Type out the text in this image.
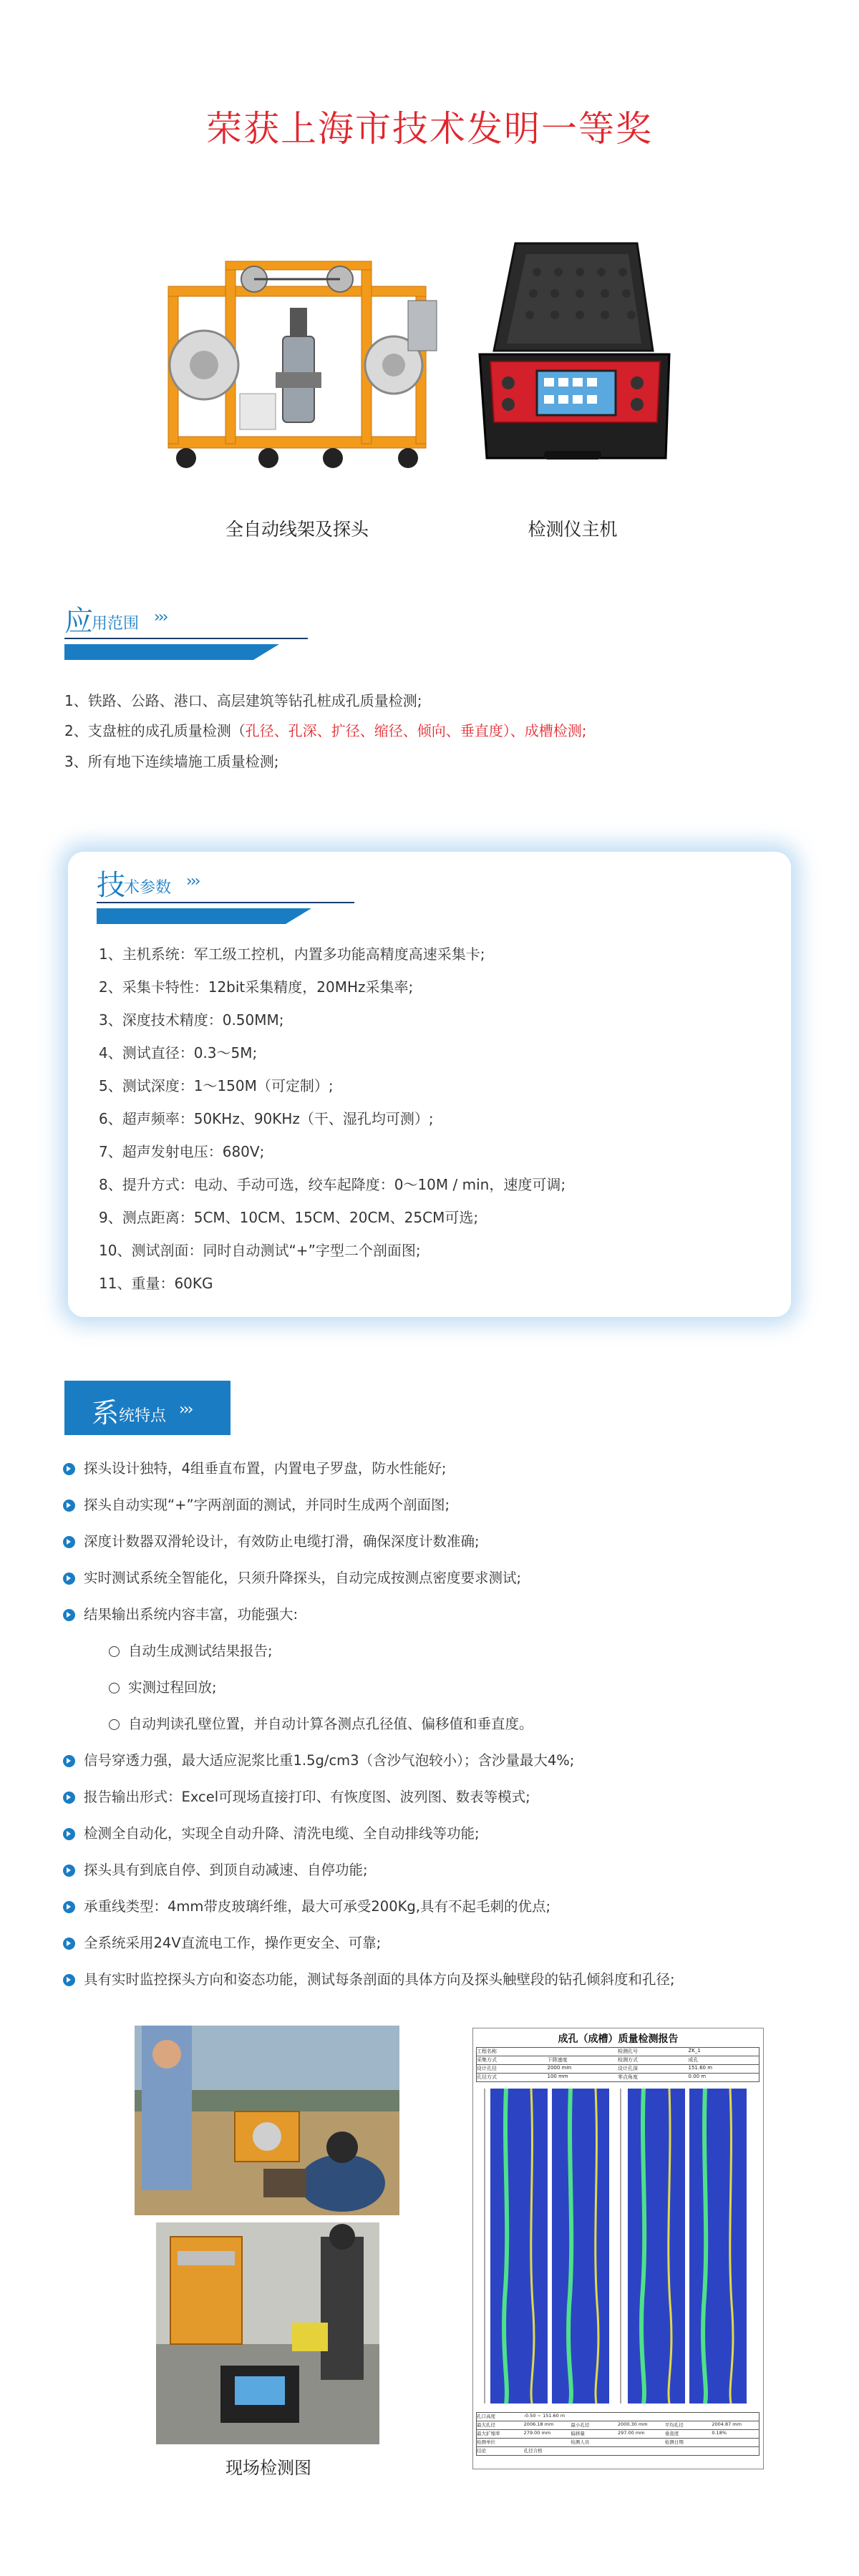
荣获上海市技术发明一等奖
全自动线架及探头	检测仪主机
应
用范围 ›››
1、铁路、公路、港口、高层建筑等钻孔桩成孔质量检测;
2、支盘桩的成孔质量检测（孔径、孔深、扩径、缩径、倾向、垂直度）、成槽检测;
3、所有地下连续墙施工质量检测;
技
术参数 ›››
1、主机系统：军工级工控机，内置多功能高精度高速采集卡;
2、采集卡特性：12bit采集精度，20MHz采集率;
3、深度技术精度：0.50MM;
4、测试直径：0.3～5M;
5、测试深度：1～150M（可定制）;
6、超声频率：50KHz、90KHz（干、湿孔均可测）;
7、超声发射电压：680V;
8、提升方式：电动、手动可选，绞车起降度：0～10M / min，速度可调;
9、测点距离：5CM、10CM、15CM、20CM、25CM可选;
10、测试剖面：同时自动测试“+”字型二个剖面图;
11、重量：60KG
系 统特点 ›››
探头设计独特，4组垂直布置，内置电子罗盘，防水性能好;
探头自动实现“+”字两剖面的测试，并同时生成两个剖面图;
深度计数器双滑轮设计，有效防止电缆打滑，确保深度计数准确;
实时测试系统全智能化，只须升降探头，自动完成按测点密度要求测试;
结果输出系统内容丰富，功能强大:
自动生成测试结果报告;
实测过程回放;
自动判读孔壁位置，并自动计算各测点孔径值、偏移值和垂直度。
信号穿透力强，最大适应泥浆比重1.5g/cm3（含沙气泡较小）；含沙量最大4%;
报告输出形式：Excel可现场直接打印、有恢度图、波列图、数表等模式;
检测全自动化，实现全自动升降、清洗电缆、全自动排线等功能;
探头具有到底自停、到顶自动减速、自停功能;
承重线类型：4mm带皮玻璃纤维，最大可承受200Kg,具有不起毛刺的优点;
全系统采用24V直流电工作，操作更安全、可靠;
具有实时监控探头方向和姿态功能，测试每条剖面的具体方向及探头触壁段的钻孔倾斜度和孔径;
现场检测图
成孔（成槽）质量检测报告
工程名称	检测孔号	ZK_1
采集方式	下降速度	检测方式	成孔
设计孔径	2000 mm	设计孔深	151.60 m
孔径方式	100 mm	零点角度	0.00 m
孔口高度	-0.50 ~ 151.60 m
最大孔径	2006.18 mm	最小孔径	2000.30 mm	平均孔径	2004.87 mm
最大扩缩率	279.00 mm	偏移量	297.00 mm	垂直度	0.18%
检测单位	检测人员	检测日期
结论	孔径合格
